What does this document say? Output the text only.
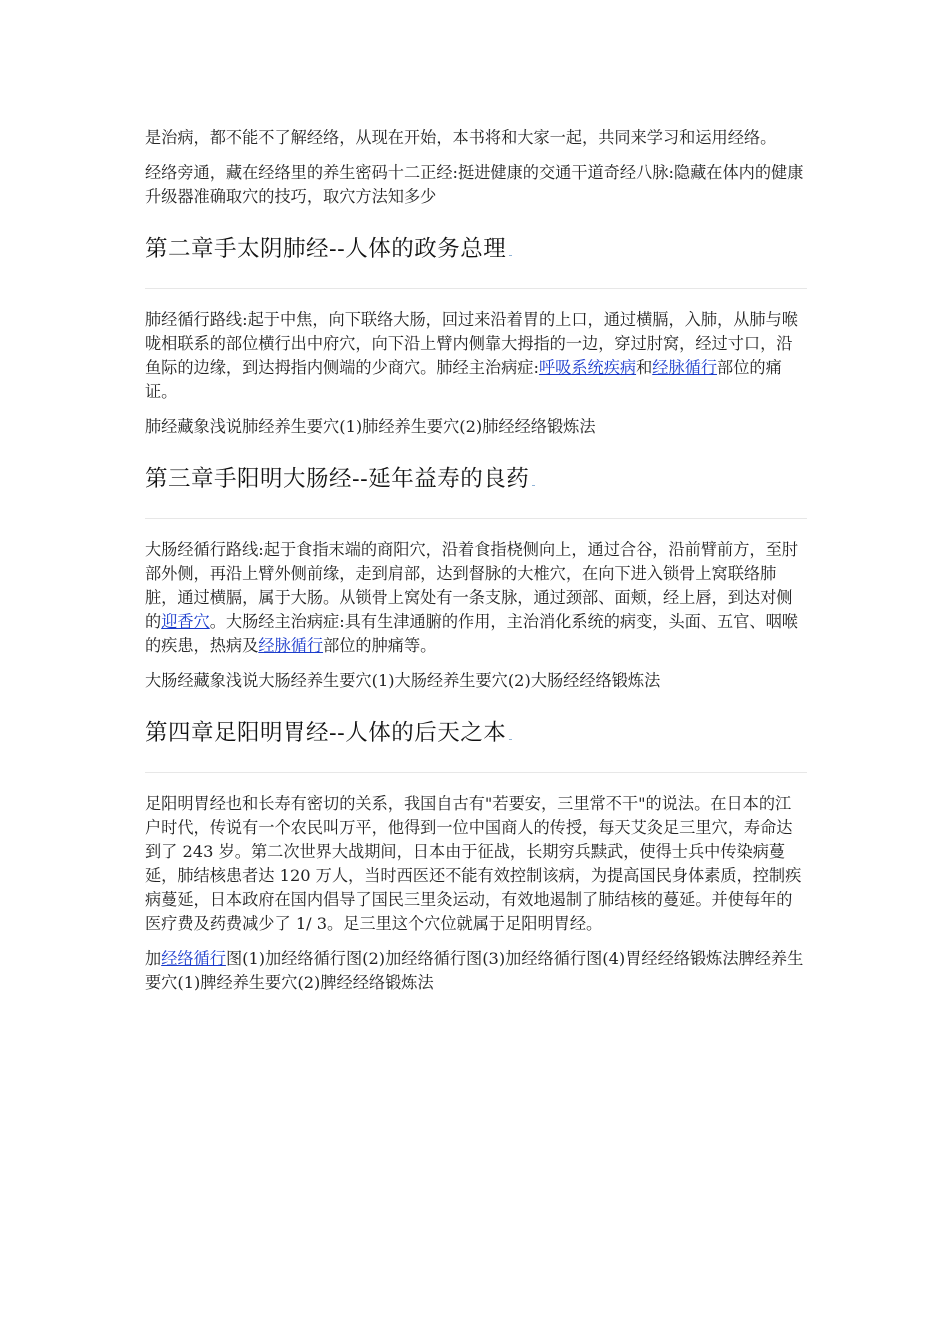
是治病，都不能不了解经络，从现在开始，本书将和大家一起，共同来学习和运用经络。

经络旁通，藏在经络里的养生密码十二正经:挺进健康的交通干道奇经八脉:隐藏在体内的健康升级器准确取穴的技巧，取穴方法知多少

第二章手太阴肺经--人体的政务总理

肺经循行路线:起于中焦，向下联络大肠，回过来沿着胃的上口，通过横膈，入肺，从肺与喉咙相联系的部位横行出中府穴，向下沿上臂内侧靠大拇指的一边，穿过肘窝，经过寸口，沿鱼际的边缘，到达拇指内侧端的少商穴。肺经主治病症:呼吸系统疾病和经脉循行部位的痛证。

肺经藏象浅说肺经养生要穴(1)肺经养生要穴(2)肺经经络锻炼法

第三章手阳明大肠经--延年益寿的良药

大肠经循行路线:起于食指末端的商阳穴，沿着食指桡侧向上，通过合谷，沿前臂前方，至肘部外侧，再沿上臂外侧前缘，走到肩部，达到督脉的大椎穴，在向下进入锁骨上窝联络肺脏，通过横膈，属于大肠。从锁骨上窝处有一条支脉，通过颈部、面颊，经上唇，到达对侧的迎香穴。大肠经主治病症:具有生津通腑的作用，主治消化系统的病变，头面、五官、咽喉的疾患，热病及经脉循行部位的肿痛等。

大肠经藏象浅说大肠经养生要穴(1)大肠经养生要穴(2)大肠经经络锻炼法

第四章足阳明胃经--人体的后天之本

足阳明胃经也和长寿有密切的关系，我国自古有"若要安，三里常不干"的说法。在日本的江户时代，传说有一个农民叫万平，他得到一位中国商人的传授，每天艾灸足三里穴，寿命达到了 243 岁。第二次世界大战期间，日本由于征战，长期穷兵黩武，使得士兵中传染病蔓延，肺结核患者达 120 万人，当时西医还不能有效控制该病，为提高国民身体素质，控制疾病蔓延，日本政府在国内倡导了国民三里灸运动，有效地遏制了肺结核的蔓延。并使每年的医疗费及药费减少了 1/ 3。足三里这个穴位就属于足阳明胃经。

加经络循行图(1)加经络循行图(2)加经络循行图(3)加经络循行图(4)胃经经络锻炼法脾经养生要穴(1)脾经养生要穴(2)脾经经络锻炼法
